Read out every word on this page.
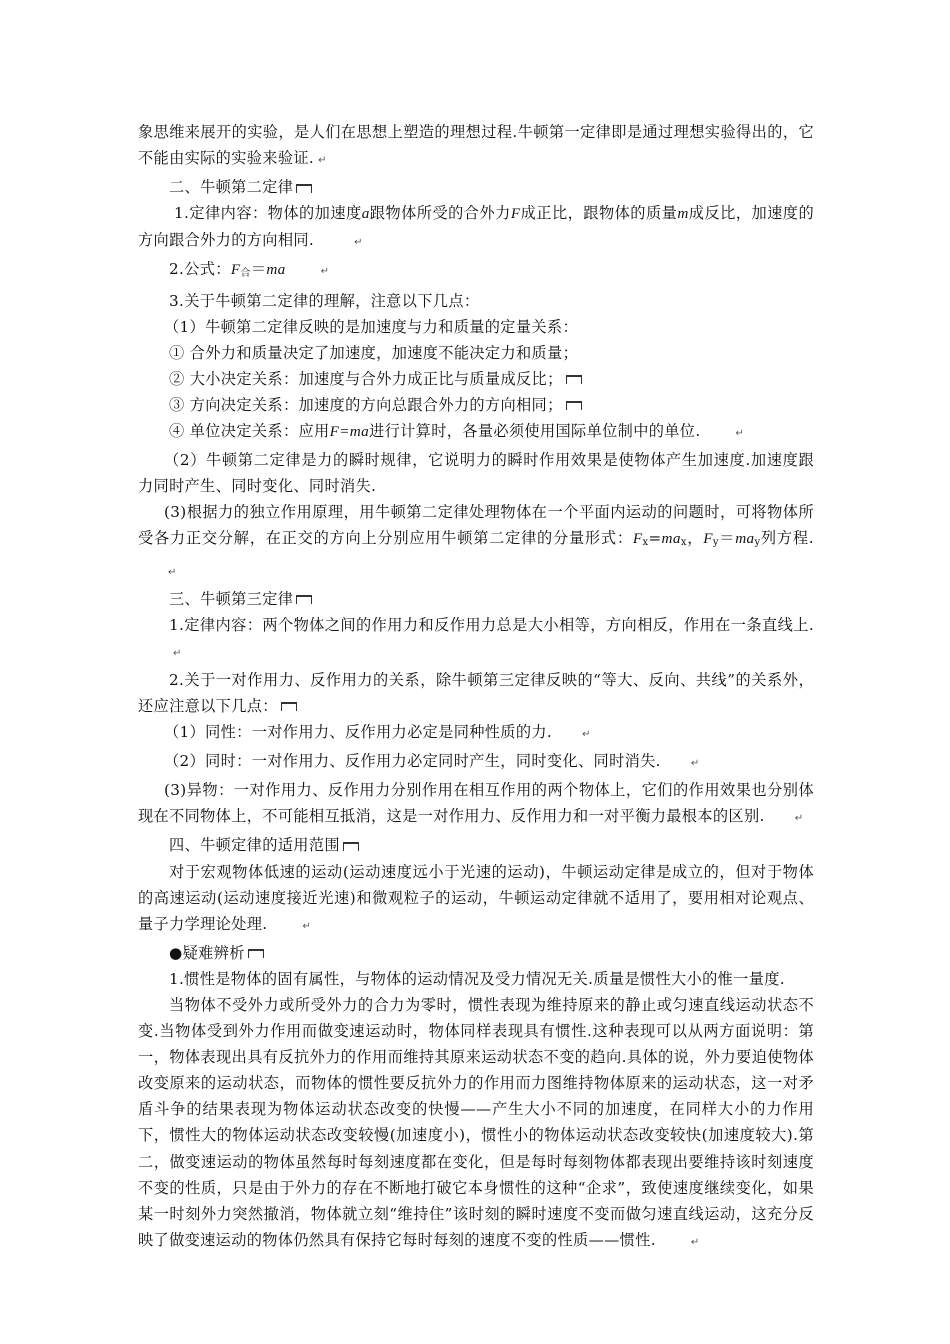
象思维来展开的实验，是人们在思想上塑造的理想过程.牛顿第一定律即是通过理想实验得出的，它不能由实际的实验来验证. ↵

二、牛顿第二定律

1.定律内容：物体的加速度a跟物体所受的合外力F成正比，跟物体的质量m成反比，加速度的方向跟合外力的方向相同.	↵

2.公式：$F_合=ma$	↵

3.关于牛顿第二定律的理解，注意以下几点：

（1）牛顿第二定律反映的是加速度与力和质量的定量关系：

① 合外力和质量决定了加速度，加速度不能决定力和质量；

② 大小决定关系：加速度与合外力成正比与质量成反比；

③ 方向决定关系：加速度的方向总跟合外力的方向相同；

④ 单位决定关系：应用F=ma进行计算时，各量必须使用国际单位制中的单位.	↵

（2）牛顿第二定律是力的瞬时规律，它说明力的瞬时作用效果是使物体产生加速度.加速度跟力同时产生、同时变化、同时消失.

(3)根据力的独立作用原理，用牛顿第二定律处理物体在一个平面内运动的问题时，可将物体所受各力正交分解，在正交的方向上分别应用牛顿第二定律的分量形式：$F_x=ma_x$，$F_y=ma_y$列方程.↵

三、牛顿第三定律

1.定律内容：两个物体之间的作用力和反作用力总是大小相等，方向相反，作用在一条直线上.↵

2.关于一对作用力、反作用力的关系，除牛顿第三定律反映的“等大、反向、共线”的关系外，还应注意以下几点：

（1）同性：一对作用力、反作用力必定是同种性质的力.	↵

（2）同时：一对作用力、反作用力必定同时产生，同时变化、同时消失.	↵

(3)异物：一对作用力、反作用力分别作用在相互作用的两个物体上，它们的作用效果也分别体现在不同物体上，不可能相互抵消，这是一对作用力、反作用力和一对平衡力最根本的区别.	↵

四、牛顿定律的适用范围

对于宏观物体低速的运动(运动速度远小于光速的运动)，牛顿运动定律是成立的，但对于物体的高速运动(运动速度接近光速)和微观粒子的运动，牛顿运动定律就不适用了，要用相对论观点、量子力学理论处理.	↵

●疑难辨析

1.惯性是物体的固有属性，与物体的运动情况及受力情况无关.质量是惯性大小的惟一量度.

当物体不受外力或所受外力的合力为零时，惯性表现为维持原来的静止或匀速直线运动状态不变.当物体受到外力作用而做变速运动时，物体同样表现具有惯性.这种表现可以从两方面说明：第一，物体表现出具有反抗外力的作用而维持其原来运动状态不变的趋向.具体的说，外力要迫使物体改变原来的运动状态，而物体的惯性要反抗外力的作用而力图维持物体原来的运动状态，这一对矛盾斗争的结果表现为物体运动状态改变的快慢——产生大小不同的加速度，在同样大小的力作用下，惯性大的物体运动状态改变较慢(加速度小)，惯性小的物体运动状态改变较快(加速度较大).第二，做变速运动的物体虽然每时每刻速度都在变化，但是每时每刻物体都表现出要维持该时刻速度不变的性质，只是由于外力的存在不断地打破它本身惯性的这种“企求”，致使速度继续变化，如果某一时刻外力突然撤消，物体就立刻“维持住”该时刻的瞬时速度不变而做匀速直线运动，这充分反映了做变速运动的物体仍然具有保持它每时每刻的速度不变的性质——惯性.	↵
